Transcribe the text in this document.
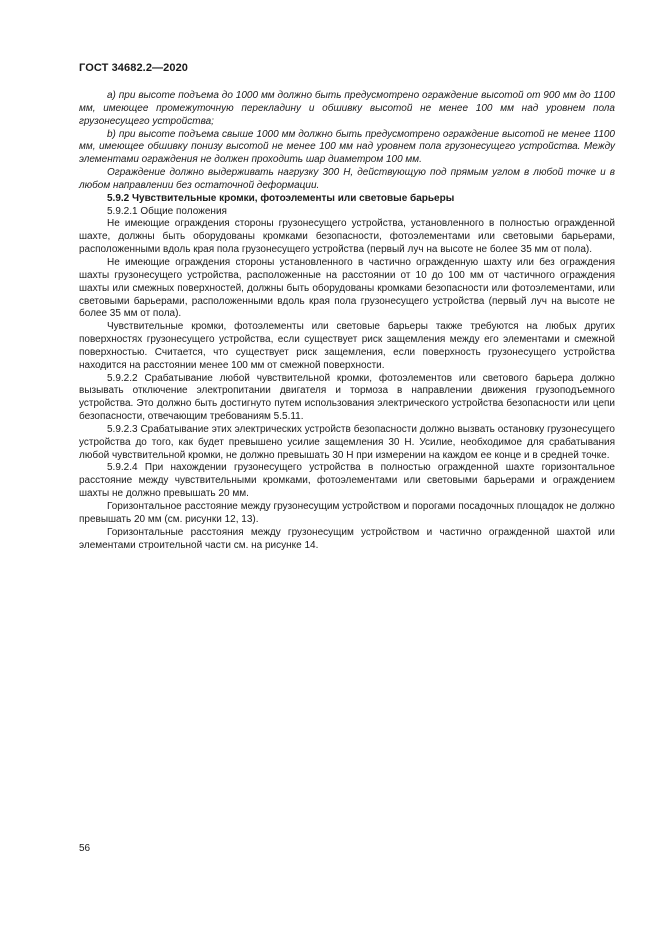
ГОСТ 34682.2—2020

а) при высоте подъема до 1000 мм должно быть предусмотрено ограждение высотой от 900 мм до 1100 мм, имеющее промежуточную перекладину и обшивку высотой не менее 100 мм над уровнем пола грузонесущего устройства;

b) при высоте подъема свыше 1000 мм должно быть предусмотрено ограждение высотой не менее 1100 мм, имеющее обшивку понизу высотой не менее 100 мм над уровнем пола грузонесущего устройства. Между элементами ограждения не должен проходить шар диаметром 100 мм.

Ограждение должно выдерживать нагрузку 300 Н, действующую под прямым углом в любой точке и в любом направлении без остаточной деформации.

5.9.2 Чувствительные кромки, фотоэлементы или световые барьеры

5.9.2.1 Общие положения

Не имеющие ограждения стороны грузонесущего устройства, установленного в полностью огражденной шахте, должны быть оборудованы кромками безопасности, фотоэлементами или световыми барьерами, расположенными вдоль края пола грузонесущего устройства (первый луч на высоте не более 35 мм от пола).

Не имеющие ограждения стороны установленного в частично огражденную шахту или без ограждения шахты грузонесущего устройства, расположенные на расстоянии от 10 до 100 мм от частичного ограждения шахты или смежных поверхностей, должны быть оборудованы кромками безопасности или фотоэлементами, или световыми барьерами, расположенными вдоль края пола грузонесущего устройства (первый луч на высоте не более 35 мм от пола).

Чувствительные кромки, фотоэлементы или световые барьеры также требуются на любых других поверхностях грузонесущего устройства, если существует риск защемления между его элементами и смежной поверхностью. Считается, что существует риск защемления, если поверхность грузонесущего устройства находится на расстоянии менее 100 мм от смежной поверхности.

5.9.2.2 Срабатывание любой чувствительной кромки, фотоэлементов или светового барьера должно вызывать отключение электропитании двигателя и тормоза в направлении движения грузоподъемного устройства. Это должно быть достигнуто путем использования электрического устройства безопасности или цепи безопасности, отвечающим требованиям 5.5.11.

5.9.2.3 Срабатывание этих электрических устройств безопасности должно вызвать остановку грузонесущего устройства до того, как будет превышено усилие защемления 30 Н. Усилие, необходимое для срабатывания любой чувствительной кромки, не должно превышать 30 Н при измерении на каждом ее конце и в средней точке.

5.9.2.4 При нахождении грузонесущего устройства в полностью огражденной шахте горизонтальное расстояние между чувствительными кромками, фотоэлементами или световыми барьерами и ограждением шахты не должно превышать 20 мм.

Горизонтальное расстояние между грузонесущим устройством и порогами посадочных площадок не должно превышать 20 мм (см. рисунки 12, 13).

Горизонтальные расстояния между грузонесущим устройством и частично огражденной шахтой или элементами строительной части см. на рисунке 14.

56
